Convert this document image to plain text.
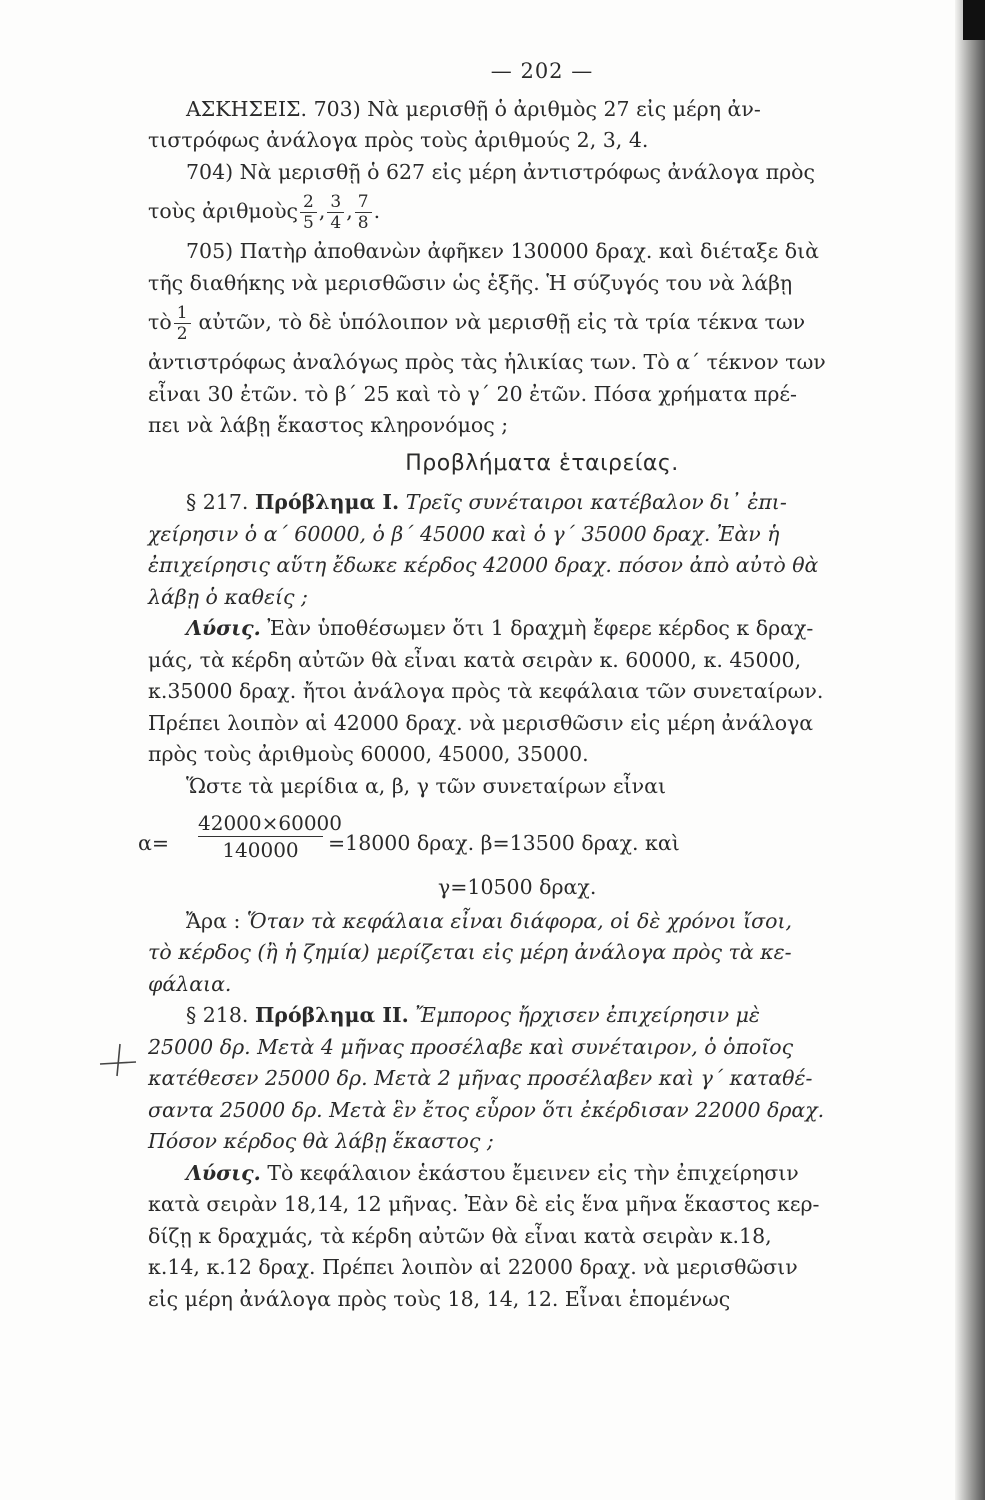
— 202 —

ΑΣΚΗΣΕΙΣ. 703) Νὰ μερισθῇ ὁ ἀριθμὸς 27 εἰς μέρη ἀν-

τιστρόφως ἀνάλογα πρὸς τοὺς ἀριθμούς 2, 3, 4.

704) Νὰ μερισθῇ ὁ 627 εἰς μέρη ἀντιστρόφως ἀνάλογα πρὸς

τοὺς ἀριθμοὺς $\frac{2}{5}$ , $\frac{3}{4}$ , $\frac{7}{8}$ .

705) Πατὴρ ἀποθανὼν ἀφῆκεν 130000 δραχ. καὶ διέταξε διὰ

τῆς διαθήκης νὰ μερισθῶσιν ὡς ἑξῆς. Ἡ σύζυγός του νὰ λάβῃ

τὸ $\frac{1}{2}$ αὐτῶν, τὸ δὲ ὑπόλοιπον νὰ μερισθῇ εἰς τὰ τρία τέκνα των

ἀντιστρόφως ἀναλόγως πρὸς τὰς ἡλικίας των. Τὸ α΄ τέκνον των

εἶναι 30 ἐτῶν. τὸ β΄ 25 καὶ τὸ γ΄ 20 ἐτῶν. Πόσα χρήματα πρέ-

πει νὰ λάβῃ ἕκαστος κληρονόμος ;

Προβλήματα ἑταιρείας.

§ 217. Πρόβλημα Ι. Τρεῖς συνέταιροι κατέβαλον δι᾽ ἐπι-

χείρησιν ὁ α΄ 60000, ὁ β΄ 45000 καὶ ὁ γ΄ 35000 δραχ. Ἐὰν ἡ

ἐπιχείρησις αὕτη ἔδωκε κέρδος 42000 δραχ. πόσον ἀπὸ αὐτὸ θὰ

λάβῃ ὁ καθείς ;

Λύσις. Ἐὰν ὑποθέσωμεν ὅτι 1 δραχμὴ ἔφερε κέρδος κ δραχ-

μάς, τὰ κέρδη αὐτῶν θὰ εἶναι κατὰ σειρὰν κ. 60000, κ. 45000,

κ.35000 δραχ. ἤτοι ἀνάλογα πρὸς τὰ κεφάλαια τῶν συνεταίρων.

Πρέπει λοιπὸν αἱ 42000 δραχ. νὰ μερισθῶσιν εἰς μέρη ἀνάλογα

πρὸς τοὺς ἀριθμοὺς 60000, 45000, 35000.

Ὥστε τὰ μερίδια α, β, γ τῶν συνεταίρων εἶναι

$\alpha= \frac{42000\times 60000}{140000} =18000$ δραχ. β=13500 δραχ. καὶ

γ=10500 δραχ.

Ἄρα : Ὅταν τὰ κεφάλαια εἶναι διάφορα, οἱ δὲ χρόνοι ἴσοι,

τὸ κέρδος (ἢ ἡ ζημία) μερίζεται εἰς μέρη ἀνάλογα πρὸς τὰ κε-

φάλαια.

§ 218. Πρόβλημα ΙΙ. Ἔμπορος ἤρχισεν ἐπιχείρησιν μὲ

25000 δρ. Μετὰ 4 μῆνας προσέλαβε καὶ συνέταιρον, ὁ ὁποῖος

κατέθεσεν 25000 δρ. Μετὰ 2 μῆνας προσέλαβεν καὶ γ΄ καταθέ-

σαντα 25000 δρ. Μετὰ ἓν ἔτος εὗρον ὅτι ἐκέρδισαν 22000 δραχ.

Πόσον κέρδος θὰ λάβῃ ἕκαστος ;

Λύσις. Τὸ κεφάλαιον ἑκάστου ἔμεινεν εἰς τὴν ἐπιχείρησιν

κατὰ σειρὰν 18,14, 12 μῆνας. Ἐὰν δὲ εἰς ἕνα μῆνα ἕκαστος κερ-

δίζῃ κ δραχμάς, τὰ κέρδη αὐτῶν θὰ εἶναι κατὰ σειρὰν κ.18,

κ.14, κ.12 δραχ. Πρέπει λοιπὸν αἱ 22000 δραχ. νὰ μερισθῶσιν

εἰς μέρη ἀνάλογα πρὸς τοὺς 18, 14, 12. Εἶναι ἑπομένως
